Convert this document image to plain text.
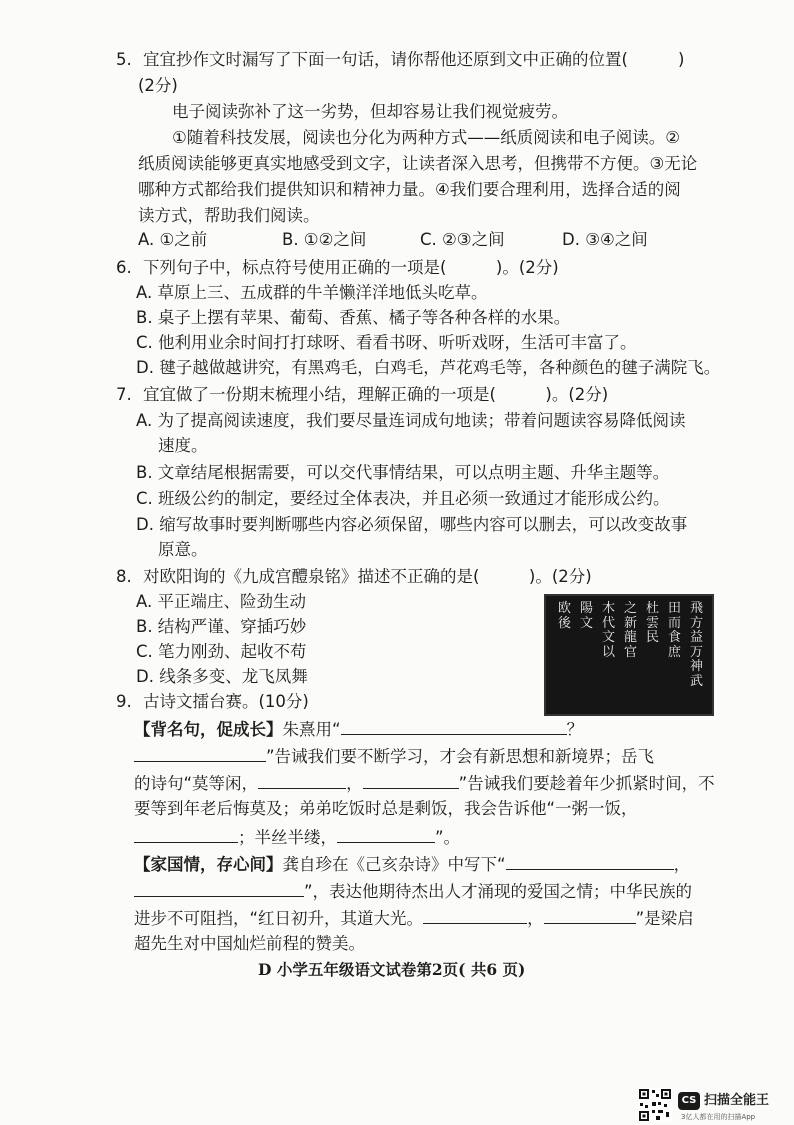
5. 宜宜抄作文时漏写了下面一句话，请你帮他还原到文中正确的位置(	)
(2分)
电子阅读弥补了这一劣势，但却容易让我们视觉疲劳。
①随着科技发展，阅读也分化为两种方式——纸质阅读和电子阅读。②
纸质阅读能够更真实地感受到文字，让读者深入思考，但携带不方便。③无论
哪种方式都给我们提供知识和精神力量。④我们要合理利用，选择合适的阅
读方式，帮助我们阅读。
A. ①之前	B. ①②之间	C. ②③之间	D. ③④之间
6. 下列句子中，标点符号使用正确的一项是(　　　)。(2分)
A. 草原上三、五成群的牛羊懒洋洋地低头吃草。
B. 桌子上摆有苹果、葡萄、香蕉、橘子等各种各样的水果。
C. 他利用业余时间打打球呀、看看书呀、听听戏呀，生活可丰富了。
D. 毽子越做越讲究，有黑鸡毛，白鸡毛，芦花鸡毛等，各种颜色的毽子满院飞。
7. 宜宜做了一份期末梳理小结，理解正确的一项是(　　　)。(2分)
A. 为了提高阅读速度，我们要尽量连词成句地读；带着问题读容易降低阅读
速度。
B. 文章结尾根据需要，可以交代事情结果，可以点明主题、升华主题等。
C. 班级公约的制定，要经过全体表决，并且必须一致通过才能形成公约。
D. 缩写故事时要判断哪些内容必须保留，哪些内容可以删去，可以改变故事
原意。
8. 对欧阳询的《九成宫醴泉铭》描述不正确的是(　　　)。(2分)
A. 平正端庄、险劲生动
B. 结构严谨、穿插巧妙
C. 笔力刚劲、起收不苟
D. 线条多变、龙飞凤舞
飛方益万神武
田而食庶
杜雲民
之新龍官
木代文以
陽文
欧後
9. 古诗文擂台赛。(10分)
【背名句，促成长】朱熹用“	？
”告诫我们要不断学习，才会有新思想和新境界；岳飞
的诗句“莫等闲，	，	”告诫我们要趁着年少抓紧时间，不
要等到年老后悔莫及；弟弟吃饭时总是剩饭，我会告诉他“一粥一饭，
；半丝半缕，	”。
【家国情，存心间】龚自珍在《己亥杂诗》中写下“	，
”，表达他期待杰出人才涌现的爱国之情；中华民族的
进步不可阻挡，“红日初升，其道大光。	，	”是梁启
超先生对中国灿烂前程的赞美。
D 小学五年级语文试卷第2页( 共6 页)
CS 扫描全能王
3亿人都在用的扫描App
